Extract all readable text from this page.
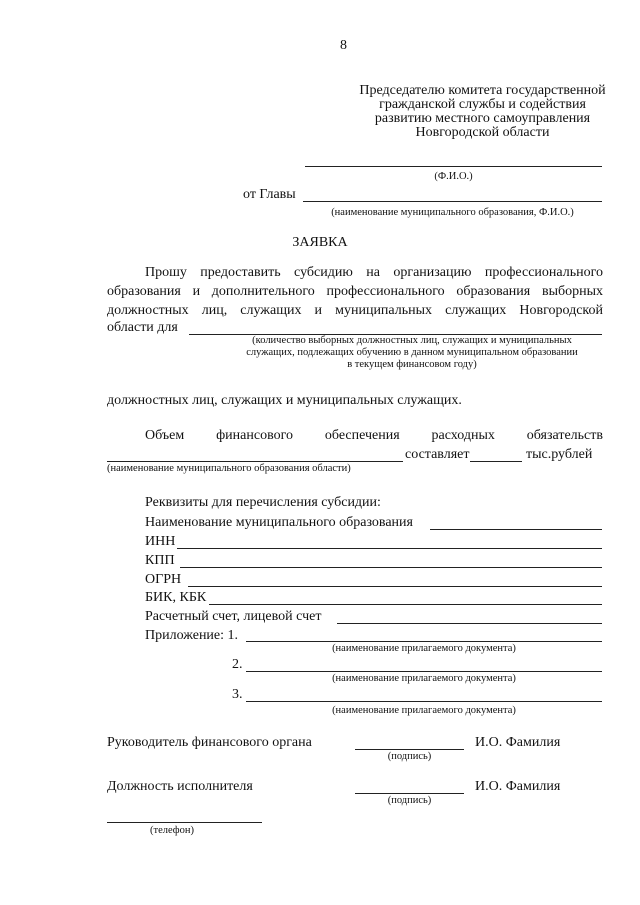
8
Председателю комитета государственной
гражданской службы и содействия
развитию местного самоуправления
Новгородской области
(Ф.И.О.)
от Главы
(наименование муниципального образования, Ф.И.О.)
ЗАЯВКА
Прошу предоставить субсидию на организацию профессионального
образования и дополнительного профессионального образования выборных
должностных лиц, служащих и муниципальных служащих Новгородской
области для
(количество выборных должностных лиц, служащих и муниципальных
служащих, подлежащих обучению в данном муниципальном образовании
в текущем финансовом году)
должностных лиц, служащих и муниципальных служащих.
Объем финансового обеспечения расходных обязательств
составляет	тыс.рублей
(наименование муниципального образования области)
Реквизиты для перечисления субсидии:
Наименование муниципального образования
ИНН
КПП
ОГРН
БИК, КБК
Расчетный счет, лицевой счет
Приложение: 1.
(наименование прилагаемого документа)
2.
(наименование прилагаемого документа)
3.
(наименование прилагаемого документа)
Руководитель финансового органа
(подпись)
И.О. Фамилия
Должность исполнителя
(подпись)
И.О. Фамилия
(телефон)
